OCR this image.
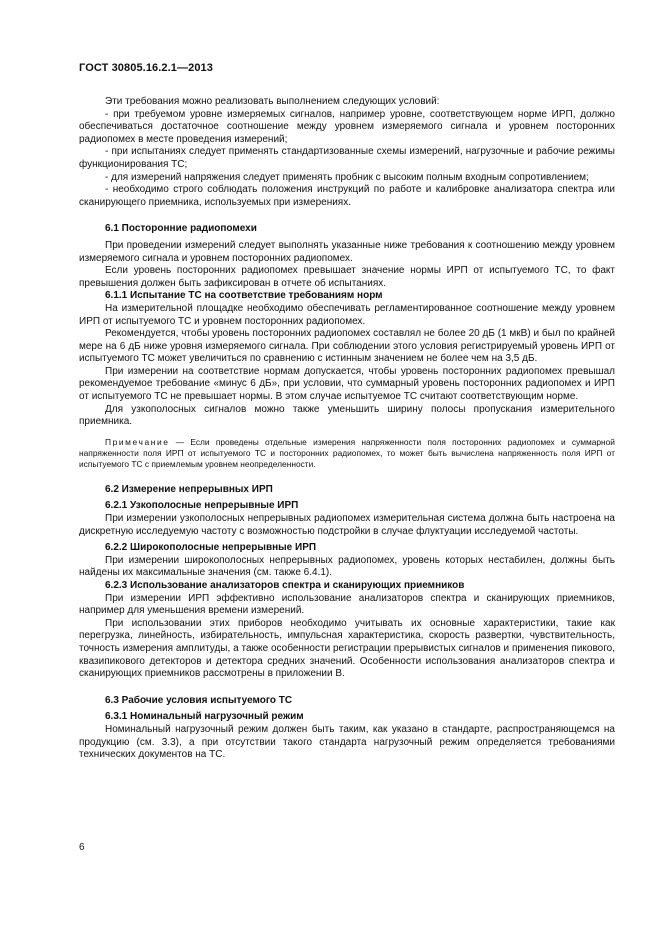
ГОСТ 30805.16.2.1—2013

Эти требования можно реализовать выполнением следующих условий:

- при требуемом уровне измеряемых сигналов, например уровне, соответствующем норме ИРП, должно обеспечиваться достаточное соотношение между уровнем измеряемого сигнала и уровнем посторонних радиопомех в месте проведения измерений;

- при испытаниях следует применять стандартизованные схемы измерений, нагрузочные и рабочие режимы функционирования ТС;

- для измерений напряжения следует применять пробник с высоким полным входным сопротивлением;

- необходимо строго соблюдать положения инструкций по работе и калибровке анализатора спектра или сканирующего приемника, используемых при измерениях.

6.1 Посторонние радиопомехи

При проведении измерений следует выполнять указанные ниже требования к соотношению между уровнем измеряемого сигнала и уровнем посторонних радиопомех.

Если уровень посторонних радиопомех превышает значение нормы ИРП от испытуемого ТС, то факт превышения должен быть зафиксирован в отчете об испытаниях.

6.1.1 Испытание ТС на соответствие требованиям норм

На измерительной площадке необходимо обеспечивать регламентированное соотношение между уровнем ИРП от испытуемого ТС и уровнем посторонних радиопомех.

Рекомендуется, чтобы уровень посторонних радиопомех составлял не более 20 дБ (1 мкВ) и был по крайней мере на 6 дБ ниже уровня измеряемого сигнала. При соблюдении этого условия регистрируемый уровень ИРП от испытуемого ТС может увеличиться по сравнению с истинным значением не более чем на 3,5 дБ.

При измерении на соответствие нормам допускается, чтобы уровень посторонних радиопомех превышал рекомендуемое требование «минус 6 дБ», при условии, что суммарный уровень посторонних радиопомех и ИРП от испытуемого ТС не превышает нормы. В этом случае испытуемое ТС считают соответствующим норме.

Для узкополосных сигналов можно также уменьшить ширину полосы пропускания измерительного приемника.

Примечание — Если проведены отдельные измерения напряженности поля посторонних радиопомех и суммарной напряженности поля ИРП от испытуемого ТС и посторонних радиопомех, то может быть вычислена напряженность поля ИРП от испытуемого ТС с приемлемым уровнем неопределенности.

6.2 Измерение непрерывных ИРП

6.2.1 Узкополосные непрерывные ИРП

При измерении узкополосных непрерывных радиопомех измерительная система должна быть настроена на дискретную исследуемую частоту с возможностью подстройки в случае флуктуации исследуемой частоты.

6.2.2 Широкополосные непрерывные ИРП

При измерении широкополосных непрерывных радиопомех, уровень которых нестабилен, должны быть найдены их максимальные значения (см. также 6.4.1).

6.2.3 Использование анализаторов спектра и сканирующих приемников

При измерении ИРП эффективно использование анализаторов спектра и сканирующих приемников, например для уменьшения времени измерений.

При использовании этих приборов необходимо учитывать их основные характеристики, такие как перегрузка, линейность, избирательность, импульсная характеристика, скорость развертки, чувствительность, точность измерения амплитуды, а также особенности регистрации прерывистых сигналов и применения пикового, квазипикового детекторов и детектора средних значений. Особенности использования анализаторов спектра и сканирующих приемников рассмотрены в приложении В.

6.3 Рабочие условия испытуемого ТС

6.3.1 Номинальный нагрузочный режим

Номинальный нагрузочный режим должен быть таким, как указано в стандарте, распространяющемся на продукцию (см. 3.3), а при отсутствии такого стандарта нагрузочный режим определяется требованиями технических документов на ТС.

6
